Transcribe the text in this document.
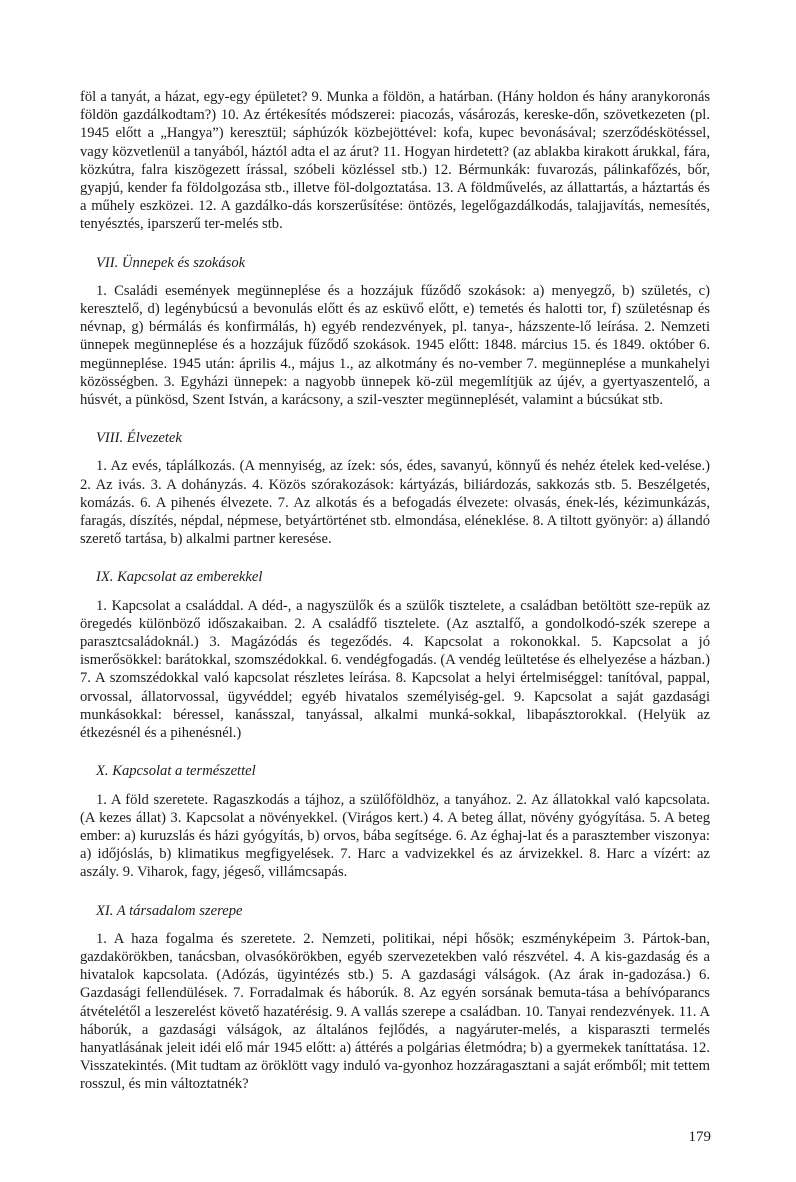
föl a tanyát, a házat, egy-egy épületet? 9. Munka a földön, a határban. (Hány holdon és hány aranykoronás földön gazdálkodtam?) 10. Az értékesítés módszerei: piacozás, vásározás, kereske-dőn, szövetkezeten (pl. 1945 előtt a „Hangya”) keresztül; sáphúzók közbejöttével: kofa, kupec bevonásával; szerződéskötéssel, vagy közvetlenül a tanyából, háztól adta el az árut? 11. Hogyan hirdetett? (az ablakba kirakott árukkal, fára, közkútra, falra kiszögezett írással, szóbeli közléssel stb.) 12. Bérmunkák: fuvarozás, pálinkafőzés, bőr, gyapjú, kender fa földolgozása stb., illetve föl-dolgoztatása. 13. A földművelés, az állattartás, a háztartás és a műhely eszközei. 12. A gazdálko-dás korszerűsítése: öntözés, legelőgazdálkodás, talajjavítás, nemesítés, tenyésztés, iparszerű ter-melés stb.

VII. Ünnepek és szokások

1. Családi események megünneplése és a hozzájuk fűződő szokások: a) menyegző, b) születés, c) keresztelő, d) legénybúcsú a bevonulás előtt és az esküvő előtt, e) temetés és halotti tor, f) születésnap és névnap, g) bérmálás és konfirmálás, h) egyéb rendezvények, pl. tanya-, házszente-lő leírása. 2. Nemzeti ünnepek megünneplése és a hozzájuk fűződő szokások. 1945 előtt: 1848. március 15. és 1849. október 6. megünneplése. 1945 után: április 4., május 1., az alkotmány és no-vember 7. megünneplése a munkahelyi közösségben. 3. Egyházi ünnepek: a nagyobb ünnepek kö-zül megemlítjük az újév, a gyertyaszentelő, a húsvét, a pünkösd, Szent István, a karácsony, a szil-veszter megünneplését, valamint a búcsúkat stb.

VIII. Élvezetek

1. Az evés, táplálkozás. (A mennyiség, az ízek: sós, édes, savanyú, könnyű és nehéz ételek ked-velése.) 2. Az ivás. 3. A dohányzás. 4. Közös szórakozások: kártyázás, biliárdozás, sakkozás stb. 5. Beszélgetés, komázás. 6. A pihenés élvezete. 7. Az alkotás és a befogadás élvezete: olvasás, ének-lés, kézimunkázás, faragás, díszítés, népdal, népmese, betyártörténet stb. elmondása, eléneklése. 8. A tiltott gyönyör: a) állandó szerető tartása, b) alkalmi partner keresése.

IX. Kapcsolat az emberekkel

1. Kapcsolat a családdal. A déd-, a nagyszülők és a szülők tisztelete, a családban betöltött sze-repük az öregedés különböző időszakaiban. 2. A családfő tisztelete. (Az asztalfő, a gondolkodó-szék szerepe a parasztcsaládoknál.) 3. Magázódás és tegeződés. 4. Kapcsolat a rokonokkal. 5. Kapcsolat a jó ismerősökkel: barátokkal, szomszédokkal. 6. vendégfogadás. (A vendég leültetése és elhelyezése a házban.) 7. A szomszédokkal való kapcsolat részletes leírása. 8. Kapcsolat a helyi értelmiséggel: tanítóval, pappal, orvossal, állatorvossal, ügyvéddel; egyéb hivatalos személyiség-gel. 9. Kapcsolat a saját gazdasági munkásokkal: béressel, kanásszal, tanyással, alkalmi munká-sokkal, libapásztorokkal. (Helyük az étkezésnél és a pihenésnél.)

X. Kapcsolat a természettel

1. A föld szeretete. Ragaszkodás a tájhoz, a szülőföldhöz, a tanyához. 2. Az állatokkal való kapcsolata. (A kezes állat) 3. Kapcsolat a növényekkel. (Virágos kert.) 4. A beteg állat, növény gyógyítása. 5. A beteg ember: a) kuruzslás és házi gyógyítás, b) orvos, bába segítsége. 6. Az éghaj-lat és a parasztember viszonya: a) időjóslás, b) klimatikus megfigyelések. 7. Harc a vadvizekkel és az árvizekkel. 8. Harc a vízért: az aszály. 9. Viharok, fagy, jégeső, villámcsapás.

XI. A társadalom szerepe

1. A haza fogalma és szeretete. 2. Nemzeti, politikai, népi hősök; eszményképeim 3. Pártok-ban, gazdakörökben, tanácsban, olvasókörökben, egyéb szervezetekben való részvétel. 4. A kis-gazdaság és a hivatalok kapcsolata. (Adózás, ügyintézés stb.) 5. A gazdasági válságok. (Az árak in-gadozása.) 6. Gazdasági fellendülések. 7. Forradalmak és háborúk. 8. Az egyén sorsának bemuta-tása a behívóparancs átvételétől a leszerelést követő hazatérésig. 9. A vallás szerepe a családban. 10. Tanyai rendezvények. 11. A háborúk, a gazdasági válságok, az általános fejlődés, a nagyáruter-melés, a kisparaszti termelés hanyatlásának jeleit idéi elő már 1945 előtt: a) áttérés a polgárias életmódra; b) a gyermekek taníttatása. 12. Visszatekintés. (Mit tudtam az öröklött vagy induló va-gyonhoz hozzáragasztani a saját erőmből; mit tettem rosszul, és min változtatnék?

179
